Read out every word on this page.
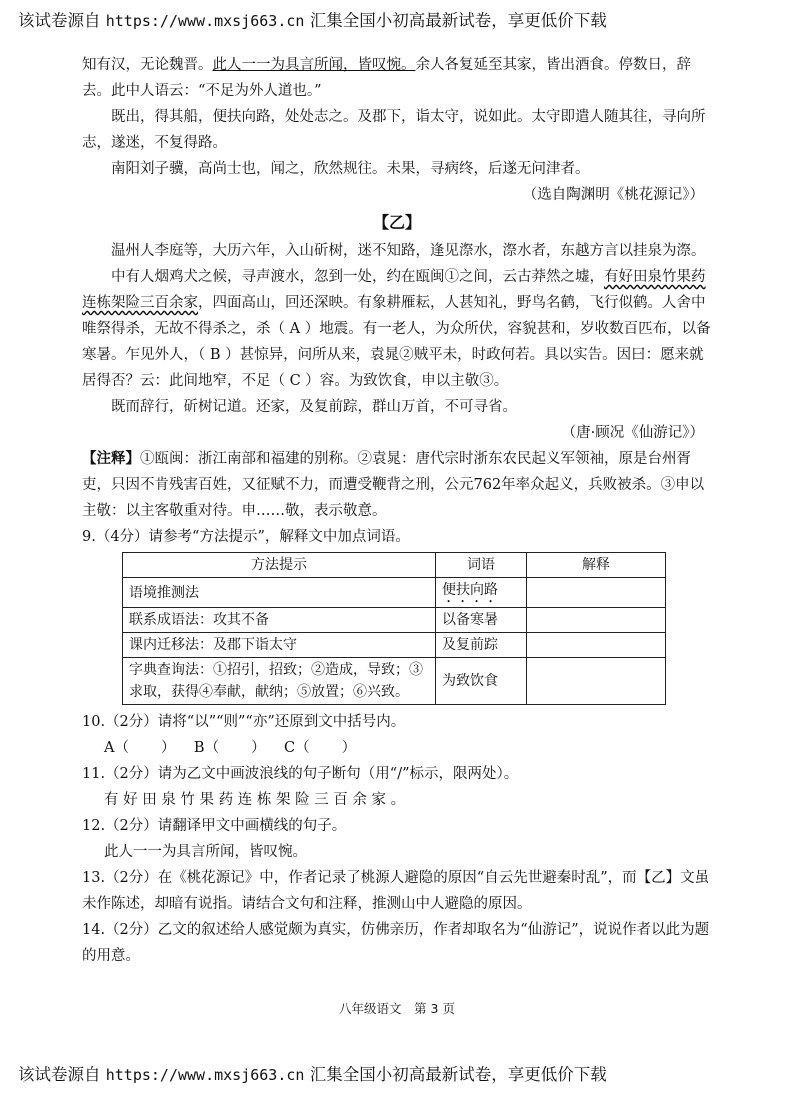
该试卷源自 https://www.mxsj663.cn 汇集全国小初高最新试卷，享更低价下载

知有汉，无论魏晋。此人一一为具言所闻，皆叹惋。余人各复延至其家，皆出酒食。停数日，辞去。此中人语云：“不足为外人道也。”

既出，得其船，便扶向路，处处志之。及郡下，诣太守，说如此。太守即遣人随其往，寻向所志，遂迷，不复得路。

南阳刘子骥，高尚士也，闻之，欣然规往。未果，寻病终，后遂无问津者。

（选自陶渊明《桃花源记》）

【乙】

温州人李庭等，大历六年，入山斫树，迷不知路，逢见漈水，漈水者，东越方言以挂泉为漈。

中有人烟鸡犬之候，寻声渡水，忽到一处，约在瓯闽①之间，云古莽然之墟，有好田泉竹果药连栋架险三百余家，四面高山，回还深映。有象耕雁耘，人甚知礼，野鸟名鹤，飞行似鹤。人舍中唯祭得杀，无故不得杀之，杀（ A ）地震。有一老人，为众所伏，容貌甚和，岁收数百匹布，以备寒暑。乍见外人，（ B ）甚惊异，问所从来，袁晁②贼平未，时政何若。具以实告。因曰：愿来就居得否？云：此间地窄，不足（ C ）容。为致饮食，申以主敬③。

既而辞行，斫树记道。还家，及复前踪，群山万首，不可寻省。

（唐·顾况《仙游记》）

【注释】①瓯闽：浙江南部和福建的别称。②袁晁：唐代宗时浙东农民起义军领袖，原是台州胥吏，只因不肯残害百姓，又征赋不力，而遭受鞭背之刑，公元762年率众起义，兵败被杀。③申以主敬：以主客敬重对待。申……敬，表示敬意。

9.（4分）请参考“方法提示”，解释文中加点词语。

方法提示	词语	解释
语境推测法	便扶向路	
联系成语法：攻其不备	以备寒暑	
课内迁移法：及郡下诣太守	及复前踪	
字典查询法：①招引，招致；②造成，导致；③求取，获得④奉献，献纳；⑤放置；⑥兴致。	为致饮食	

10.（2分）请将“以”“则”“亦”还原到文中括号内。

A（ ） B（ ） C（ ）

11.（2分）请为乙文中画波浪线的句子断句（用“/”标示，限两处）。

有 好 田 泉 竹 果 药 连 栋 架 险 三 百 余 家 。

12.（2分）请翻译甲文中画横线的句子。

此人一一为具言所闻，皆叹惋。

13.（2分）在《桃花源记》中，作者记录了桃源人避隐的原因“自云先世避秦时乱”，而【乙】文虽未作陈述，却暗有说指。请结合文句和注释，推测山中人避隐的原因。

14.（2分）乙文的叙述给人感觉颇为真实，仿佛亲历，作者却取名为“仙游记”，说说作者以此为题的用意。

八年级语文　第 3 页
该试卷源自 https://www.mxsj663.cn 汇集全国小初高最新试卷，享更低价下载
